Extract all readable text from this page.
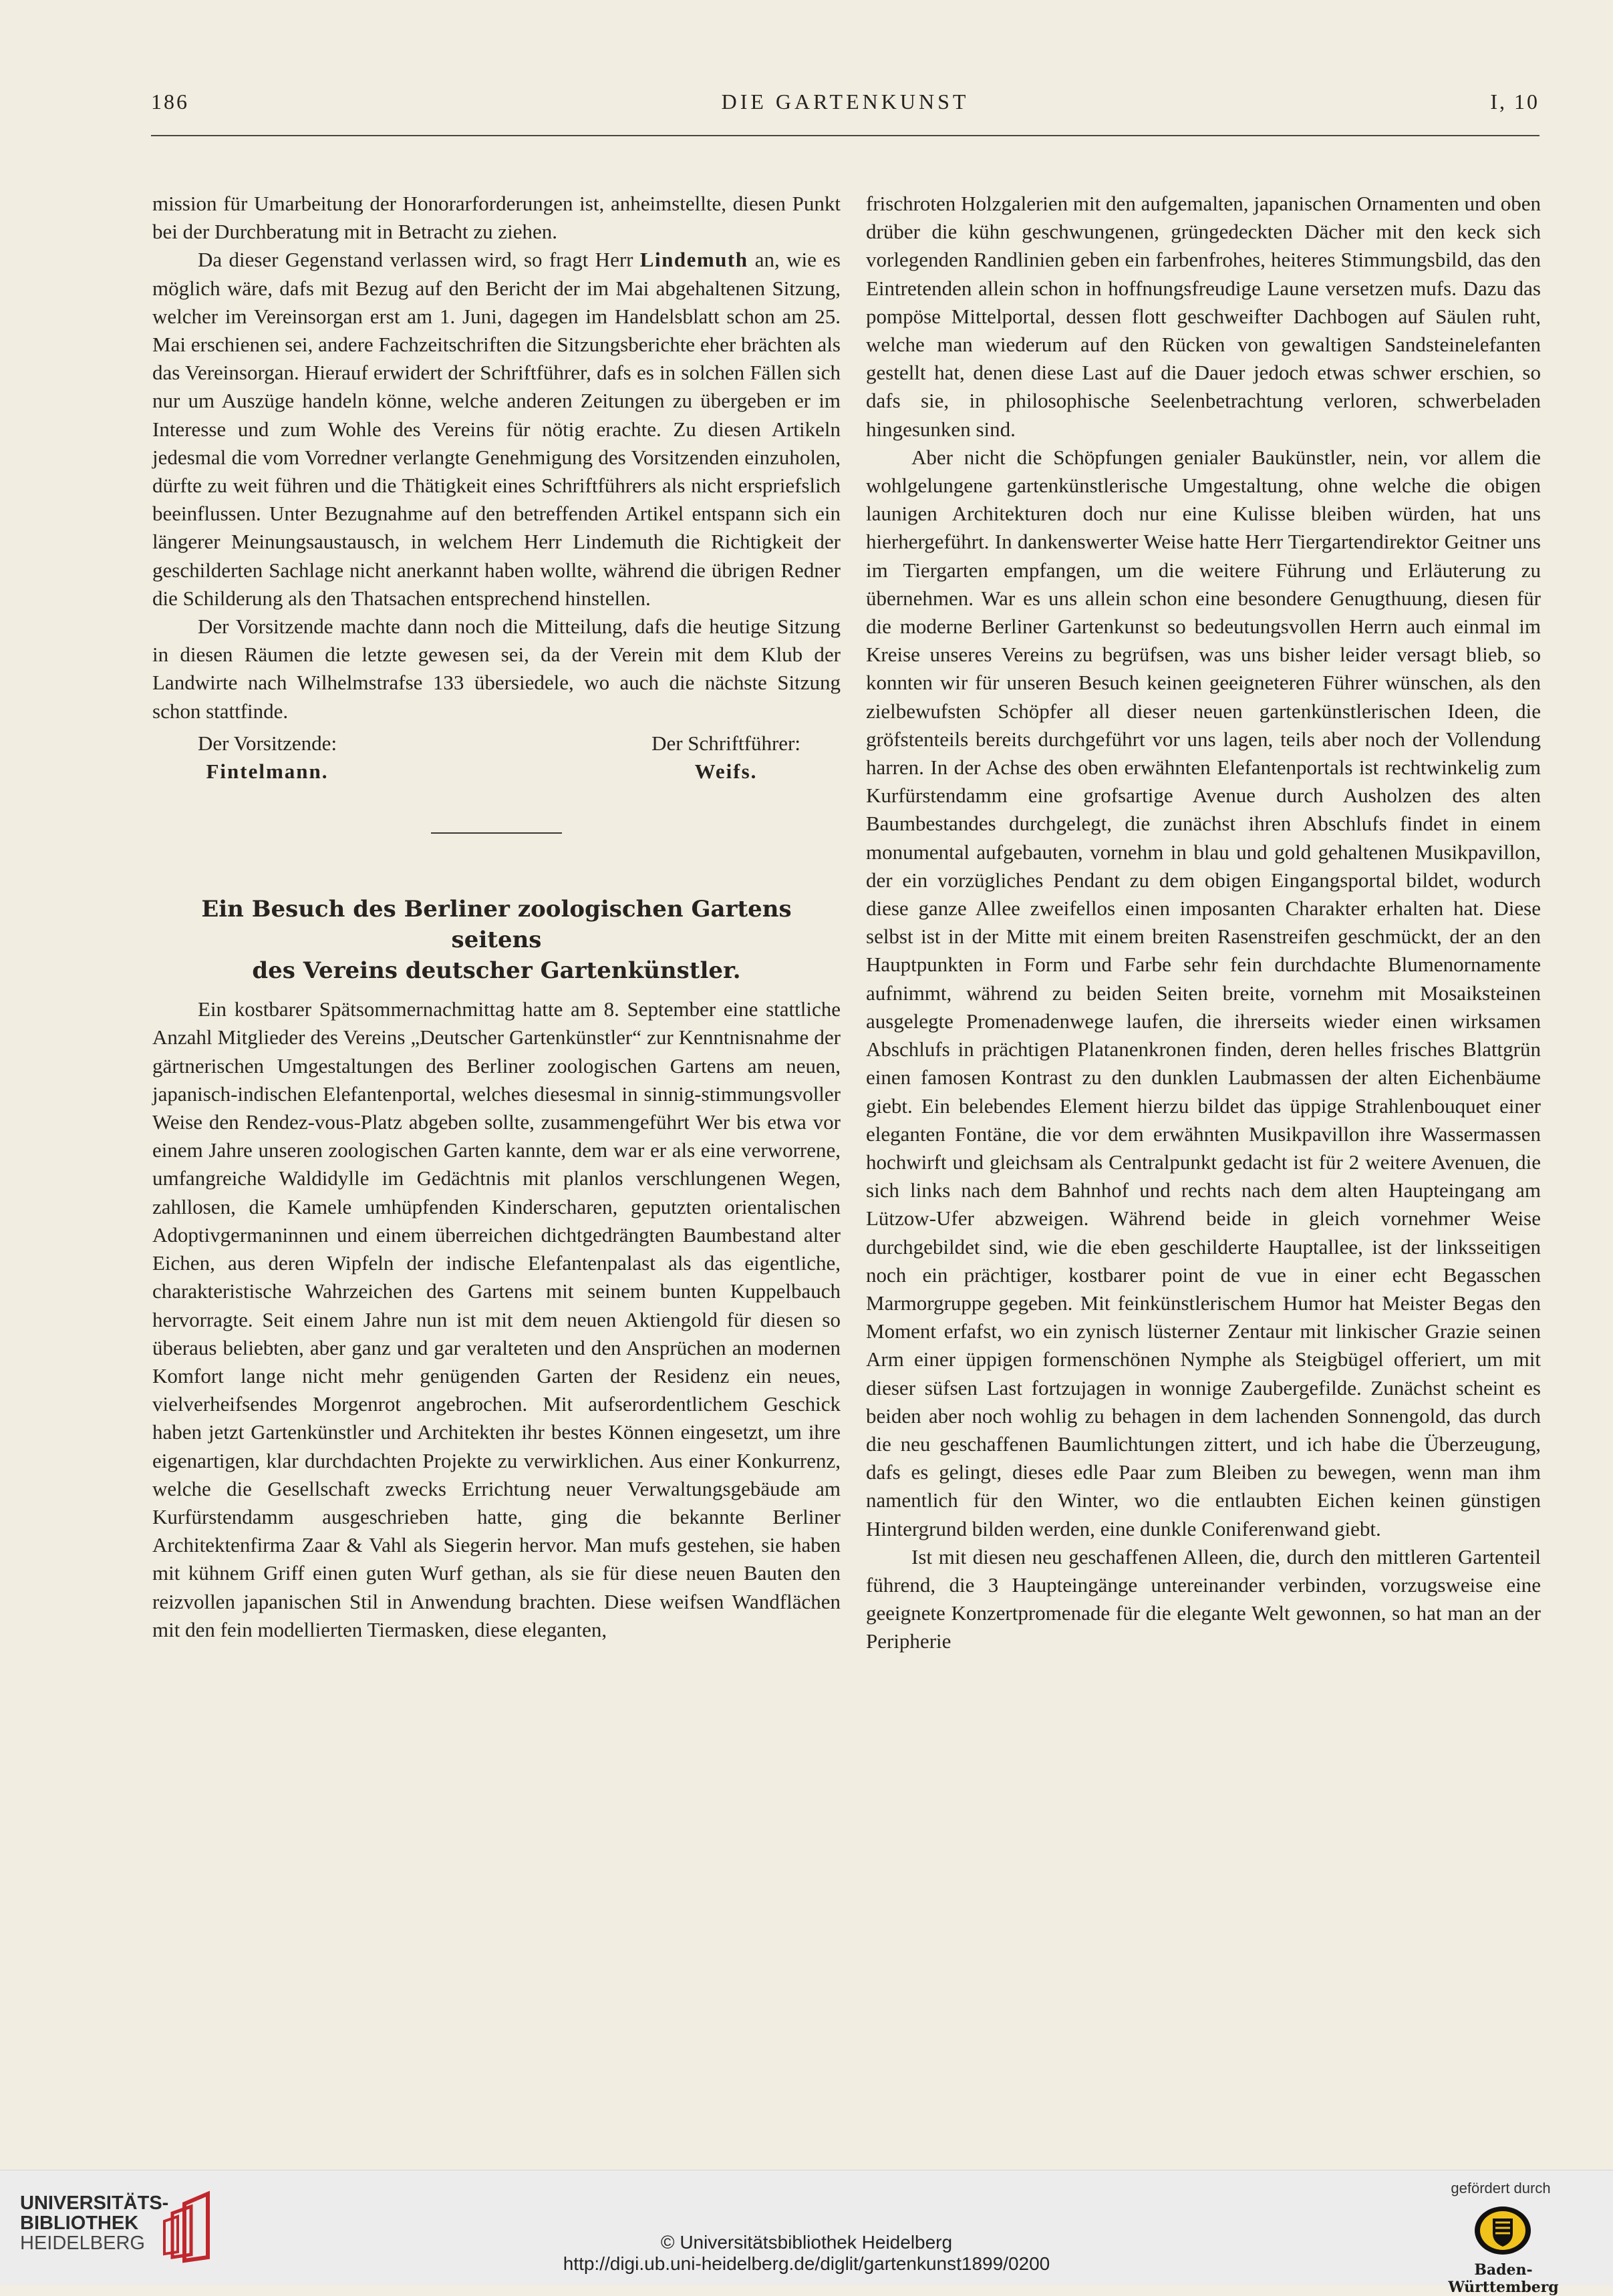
186	DIE GARTENKUNST	I, 10

mission für Umarbeitung der Honorarforderungen ist, anheimstellte, diesen Punkt bei der Durchberatung mit in Betracht zu ziehen.

Da dieser Gegenstand verlassen wird, so fragt Herr Lindemuth an, wie es möglich wäre, dafs mit Bezug auf den Bericht der im Mai abgehaltenen Sitzung, welcher im Vereinsorgan erst am 1. Juni, dagegen im Handelsblatt schon am 25. Mai erschienen sei, andere Fachzeitschriften die Sitzungsberichte eher brächten als das Vereinsorgan. Hierauf erwidert der Schriftführer, dafs es in solchen Fällen sich nur um Auszüge handeln könne, welche anderen Zeitungen zu übergeben er im Interesse und zum Wohle des Vereins für nötig erachte. Zu diesen Artikeln jedesmal die vom Vorredner verlangte Genehmigung des Vorsitzenden einzuholen, dürfte zu weit führen und die Thätigkeit eines Schriftführers als nicht erspriefslich beeinflussen. Unter Bezugnahme auf den betreffenden Artikel entspann sich ein längerer Meinungsaustausch, in welchem Herr Lindemuth die Richtigkeit der geschilderten Sachlage nicht anerkannt haben wollte, während die übrigen Redner die Schilderung als den Thatsachen entsprechend hinstellen.

Der Vorsitzende machte dann noch die Mitteilung, dafs die heutige Sitzung in diesen Räumen die letzte gewesen sei, da der Verein mit dem Klub der Landwirte nach Wilhelmstrafse 133 übersiedele, wo auch die nächste Sitzung schon stattfinde.

Der Vorsitzende:
Fintelmann.
Der Schriftführer:
Weifs.
Ein Besuch des Berliner zoologischen Gartens seitens
des Vereins deutscher Gartenkünstler.

Ein kostbarer Spätsommernachmittag hatte am 8. September eine stattliche Anzahl Mitglieder des Vereins „Deutscher Gartenkünstler“ zur Kenntnisnahme der gärtnerischen Umgestaltungen des Berliner zoologischen Gartens am neuen, japanisch-indischen Elefantenportal, welches diesesmal in sinnig-stimmungsvoller Weise den Rendez-vous-Platz abgeben sollte, zusammengeführt Wer bis etwa vor einem Jahre unseren zoologischen Garten kannte, dem war er als eine verworrene, umfangreiche Waldidylle im Gedächtnis mit planlos verschlungenen Wegen, zahllosen, die Kamele umhüpfenden Kinderscharen, geputzten orientalischen Adoptivgermaninnen und einem überreichen dichtgedrängten Baumbestand alter Eichen, aus deren Wipfeln der indische Elefantenpalast als das eigentliche, charakteristische Wahrzeichen des Gartens mit seinem bunten Kuppelbauch hervorragte. Seit einem Jahre nun ist mit dem neuen Aktiengold für diesen so überaus beliebten, aber ganz und gar veralteten und den Ansprüchen an modernen Komfort lange nicht mehr genügenden Garten der Residenz ein neues, vielverheifsendes Morgenrot angebrochen. Mit aufserordentlichem Geschick haben jetzt Gartenkünstler und Architekten ihr bestes Können eingesetzt, um ihre eigenartigen, klar durchdachten Projekte zu verwirklichen. Aus einer Konkurrenz, welche die Gesellschaft zwecks Errichtung neuer Verwaltungsgebäude am Kurfürstendamm ausgeschrieben hatte, ging die bekannte Berliner Architektenfirma Zaar & Vahl als Siegerin hervor. Man mufs gestehen, sie haben mit kühnem Griff einen guten Wurf gethan, als sie für diese neuen Bauten den reizvollen japanischen Stil in Anwendung brachten. Diese weifsen Wandflächen mit den fein modellierten Tiermasken, diese eleganten,

frischroten Holzgalerien mit den aufgemalten, japanischen Ornamenten und oben drüber die kühn geschwungenen, grüngedeckten Dächer mit den keck sich vorlegenden Randlinien geben ein farbenfrohes, heiteres Stimmungsbild, das den Eintretenden allein schon in hoffnungsfreudige Laune versetzen mufs. Dazu das pompöse Mittelportal, dessen flott geschweifter Dachbogen auf Säulen ruht, welche man wiederum auf den Rücken von gewaltigen Sandsteinelefanten gestellt hat, denen diese Last auf die Dauer jedoch etwas schwer erschien, so dafs sie, in philosophische Seelenbetrachtung verloren, schwerbeladen hingesunken sind.

Aber nicht die Schöpfungen genialer Baukünstler, nein, vor allem die wohlgelungene gartenkünstlerische Umgestaltung, ohne welche die obigen launigen Architekturen doch nur eine Kulisse bleiben würden, hat uns hierhergeführt. In dankenswerter Weise hatte Herr Tiergartendirektor Geitner uns im Tiergarten empfangen, um die weitere Führung und Erläuterung zu übernehmen. War es uns allein schon eine besondere Genugthuung, diesen für die moderne Berliner Gartenkunst so bedeutungsvollen Herrn auch einmal im Kreise unseres Vereins zu begrüfsen, was uns bisher leider versagt blieb, so konnten wir für unseren Besuch keinen geeigneteren Führer wünschen, als den zielbewufsten Schöpfer all dieser neuen gartenkünstlerischen Ideen, die gröfstenteils bereits durchgeführt vor uns lagen, teils aber noch der Vollendung harren. In der Achse des oben erwähnten Elefantenportals ist rechtwinkelig zum Kurfürstendamm eine grofsartige Avenue durch Ausholzen des alten Baumbestandes durchgelegt, die zunächst ihren Abschlufs findet in einem monumental aufgebauten, vornehm in blau und gold gehaltenen Musikpavillon, der ein vorzügliches Pendant zu dem obigen Eingangsportal bildet, wodurch diese ganze Allee zweifellos einen imposanten Charakter erhalten hat. Diese selbst ist in der Mitte mit einem breiten Rasenstreifen geschmückt, der an den Hauptpunkten in Form und Farbe sehr fein durchdachte Blumenornamente aufnimmt, während zu beiden Seiten breite, vornehm mit Mosaiksteinen ausgelegte Promenadenwege laufen, die ihrerseits wieder einen wirksamen Abschlufs in prächtigen Platanenkronen finden, deren helles frisches Blattgrün einen famosen Kontrast zu den dunklen Laubmassen der alten Eichenbäume giebt. Ein belebendes Element hierzu bildet das üppige Strahlenbouquet einer eleganten Fontäne, die vor dem erwähnten Musikpavillon ihre Wassermassen hochwirft und gleichsam als Centralpunkt gedacht ist für 2 weitere Avenuen, die sich links nach dem Bahnhof und rechts nach dem alten Haupteingang am Lützow-Ufer abzweigen. Während beide in gleich vornehmer Weise durchgebildet sind, wie die eben geschilderte Hauptallee, ist der linksseitigen noch ein prächtiger, kostbarer point de vue in einer echt Begasschen Marmorgruppe gegeben. Mit feinkünstlerischem Humor hat Meister Begas den Moment erfafst, wo ein zynisch lüsterner Zentaur mit linkischer Grazie seinen Arm einer üppigen formenschönen Nymphe als Steigbügel offeriert, um mit dieser süfsen Last fortzujagen in wonnige Zaubergefilde. Zunächst scheint es beiden aber noch wohlig zu behagen in dem lachenden Sonnengold, das durch die neu geschaffenen Baumlichtungen zittert, und ich habe die Überzeugung, dafs es gelingt, dieses edle Paar zum Bleiben zu bewegen, wenn man ihm namentlich für den Winter, wo die entlaubten Eichen keinen günstigen Hintergrund bilden werden, eine dunkle Coniferenwand giebt.

Ist mit diesen neu geschaffenen Alleen, die, durch den mittleren Gartenteil führend, die 3 Haupteingänge untereinander verbinden, vorzugsweise eine geeignete Konzertpromenade für die elegante Welt gewonnen, so hat man an der Peripherie

UNIVERSITÄTS-
BIBLIOTHEK
HEIDELBERG	© Universitätsbibliothek Heidelberg
http://digi.ub.uni-heidelberg.de/diglit/gartenkunst1899/0200
gefördert durch
Baden-Württemberg
